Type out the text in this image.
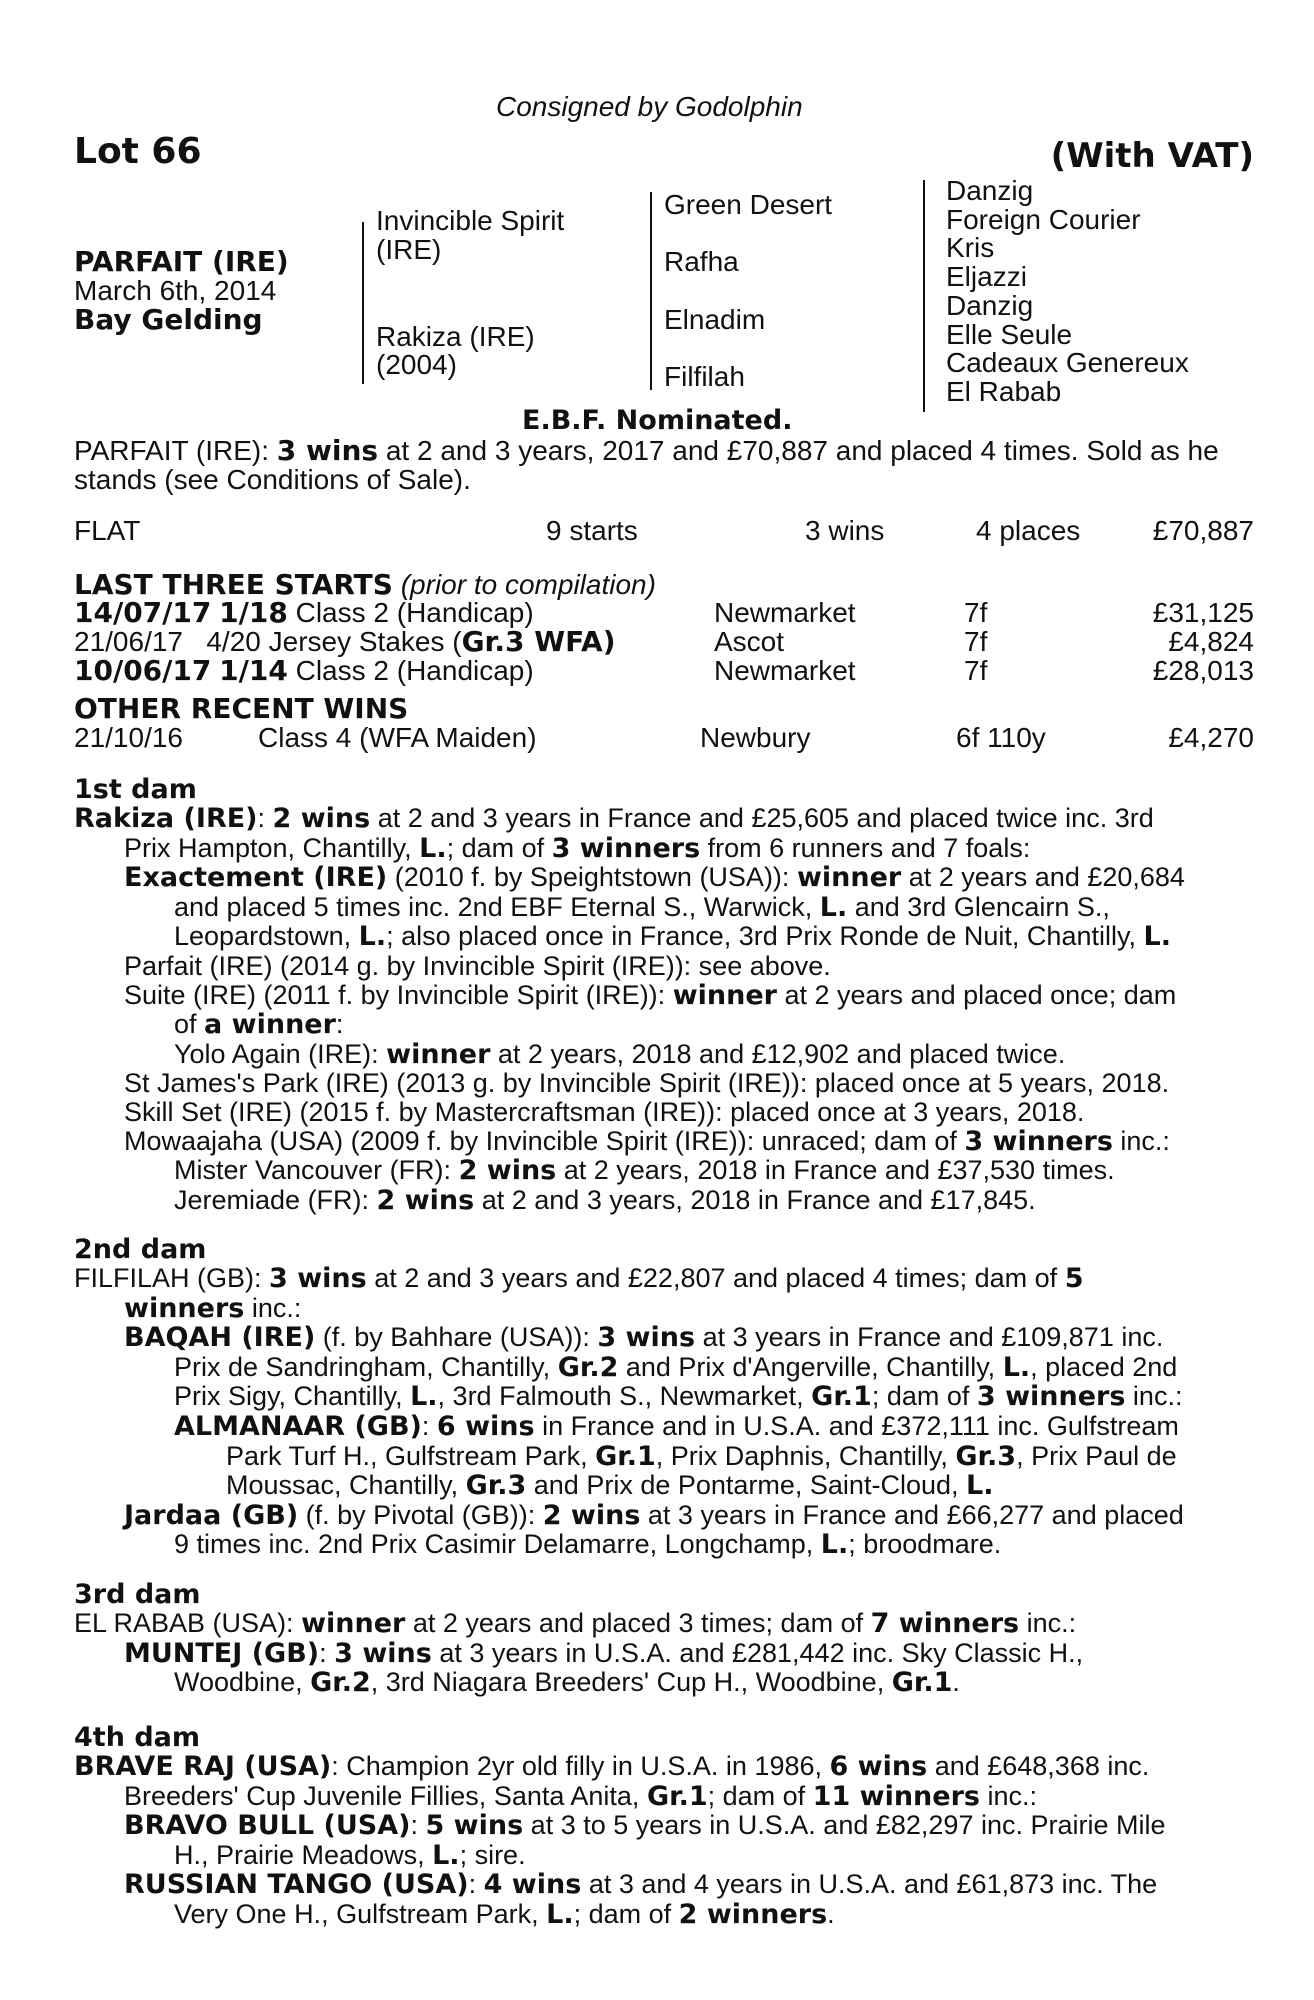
Consigned by Godolphin
Lot 66	(With VAT)
PARFAIT (IRE)
March 6th, 2014
Bay Gelding
Invincible Spirit
(IRE)
Rakiza (IRE)
(2004)
Green Desert
Rafha
Elnadim
Filfilah
Danzig
Foreign Courier
Kris
Eljazzi
Danzig
Elle Seule
Cadeaux Genereux
El Rabab
E.B.F. Nominated.
PARFAIT (IRE): 3 wins at 2 and 3 years, 2017 and £70,887 and placed 4 times. Sold as he
stands (see Conditions of Sale).
FLAT	9 starts	3 wins	4 places	£70,887
LAST THREE STARTS (prior to compilation)
14/07/17 1/18 Class 2 (Handicap)	Newmarket	7f	£31,125
21/06/17 4/20 Jersey Stakes (Gr.3 WFA)	Ascot	7f	£4,824
10/06/17 1/14 Class 2 (Handicap)	Newmarket	7f	£28,013
OTHER RECENT WINS
21/10/16	Class 4 (WFA Maiden)	Newbury	6f 110y	£4,270
1st dam
Rakiza (IRE): 2 wins at 2 and 3 years in France and £25,605 and placed twice inc. 3rd
Prix Hampton, Chantilly, L.; dam of 3 winners from 6 runners and 7 foals:
Exactement (IRE) (2010 f. by Speightstown (USA)): winner at 2 years and £20,684
and placed 5 times inc. 2nd EBF Eternal S., Warwick, L. and 3rd Glencairn S.,
Leopardstown, L.; also placed once in France, 3rd Prix Ronde de Nuit, Chantilly, L.
Parfait (IRE) (2014 g. by Invincible Spirit (IRE)): see above.
Suite (IRE) (2011 f. by Invincible Spirit (IRE)): winner at 2 years and placed once; dam
of a winner:
Yolo Again (IRE): winner at 2 years, 2018 and £12,902 and placed twice.
St James's Park (IRE) (2013 g. by Invincible Spirit (IRE)): placed once at 5 years, 2018.
Skill Set (IRE) (2015 f. by Mastercraftsman (IRE)): placed once at 3 years, 2018.
Mowaajaha (USA) (2009 f. by Invincible Spirit (IRE)): unraced; dam of 3 winners inc.:
Mister Vancouver (FR): 2 wins at 2 years, 2018 in France and £37,530 times.
Jeremiade (FR): 2 wins at 2 and 3 years, 2018 in France and £17,845.
2nd dam
FILFILAH (GB): 3 wins at 2 and 3 years and £22,807 and placed 4 times; dam of 5
winners inc.:
BAQAH (IRE) (f. by Bahhare (USA)): 3 wins at 3 years in France and £109,871 inc.
Prix de Sandringham, Chantilly, Gr.2 and Prix d'Angerville, Chantilly, L., placed 2nd
Prix Sigy, Chantilly, L., 3rd Falmouth S., Newmarket, Gr.1; dam of 3 winners inc.:
ALMANAAR (GB): 6 wins in France and in U.S.A. and £372,111 inc. Gulfstream
Park Turf H., Gulfstream Park, Gr.1, Prix Daphnis, Chantilly, Gr.3, Prix Paul de
Moussac, Chantilly, Gr.3 and Prix de Pontarme, Saint-Cloud, L.
Jardaa (GB) (f. by Pivotal (GB)): 2 wins at 3 years in France and £66,277 and placed
9 times inc. 2nd Prix Casimir Delamarre, Longchamp, L.; broodmare.
3rd dam
EL RABAB (USA): winner at 2 years and placed 3 times; dam of 7 winners inc.:
MUNTEJ (GB): 3 wins at 3 years in U.S.A. and £281,442 inc. Sky Classic H.,
Woodbine, Gr.2, 3rd Niagara Breeders' Cup H., Woodbine, Gr.1.
4th dam
BRAVE RAJ (USA): Champion 2yr old filly in U.S.A. in 1986, 6 wins and £648,368 inc.
Breeders' Cup Juvenile Fillies, Santa Anita, Gr.1; dam of 11 winners inc.:
BRAVO BULL (USA): 5 wins at 3 to 5 years in U.S.A. and £82,297 inc. Prairie Mile
H., Prairie Meadows, L.; sire.
RUSSIAN TANGO (USA): 4 wins at 3 and 4 years in U.S.A. and £61,873 inc. The
Very One H., Gulfstream Park, L.; dam of 2 winners.
